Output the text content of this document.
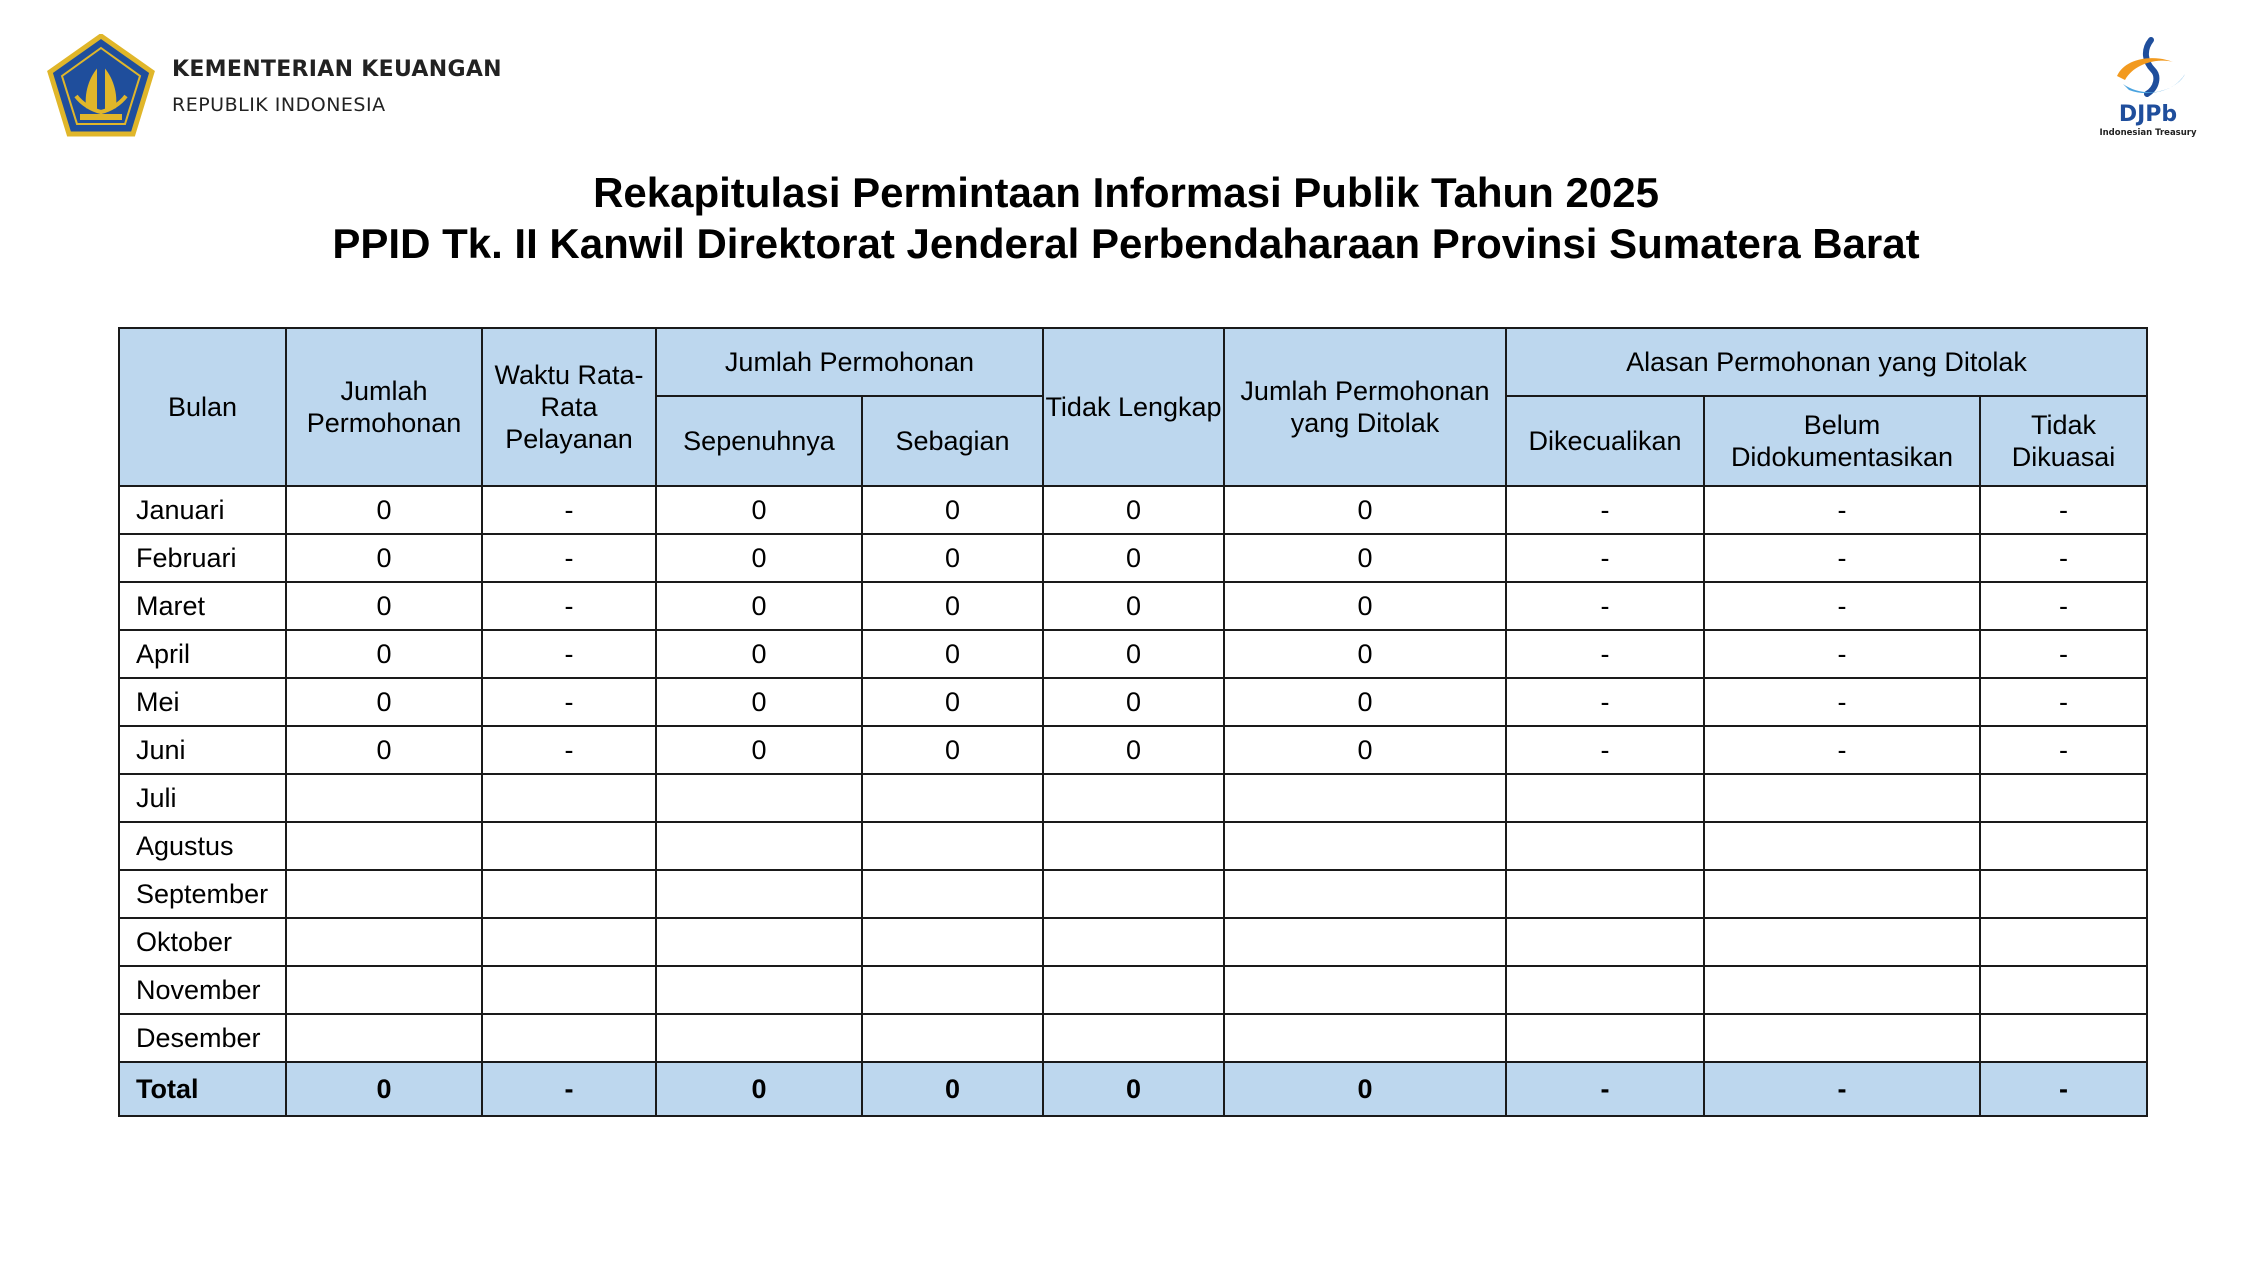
KEMENTERIAN KEUANGAN
REPUBLIK INDONESIA	DJPb
Indonesian Treasury
Rekapitulasi Permintaan Informasi Publik Tahun 2025
PPID Tk. II Kanwil Direktorat Jenderal Perbendaharaan Provinsi Sumatera Barat
Bulan	Jumlah Permohonan	Waktu Rata-Rata Pelayanan	Jumlah Permohonan		Tidak Lengkap	Jumlah Permohonan yang Ditolak	Alasan Permohonan yang Ditolak		
			Sepenuhnya	Sebagian			Dikecualikan	Belum Didokumentasikan	Tidak Dikuasai
Januari	0	-	0	0	0	0	-	-	-
Februari	0	-	0	0	0	0	-	-	-
Maret	0	-	0	0	0	0	-	-	-
April	0	-	0	0	0	0	-	-	-
Mei	0	-	0	0	0	0	-	-	-
Juni	0	-	0	0	0	0	-	-	-
Juli									
Agustus									
September									
Oktober									
November									
Desember									
Total	0	-	0	0	0	0	-	-	-
